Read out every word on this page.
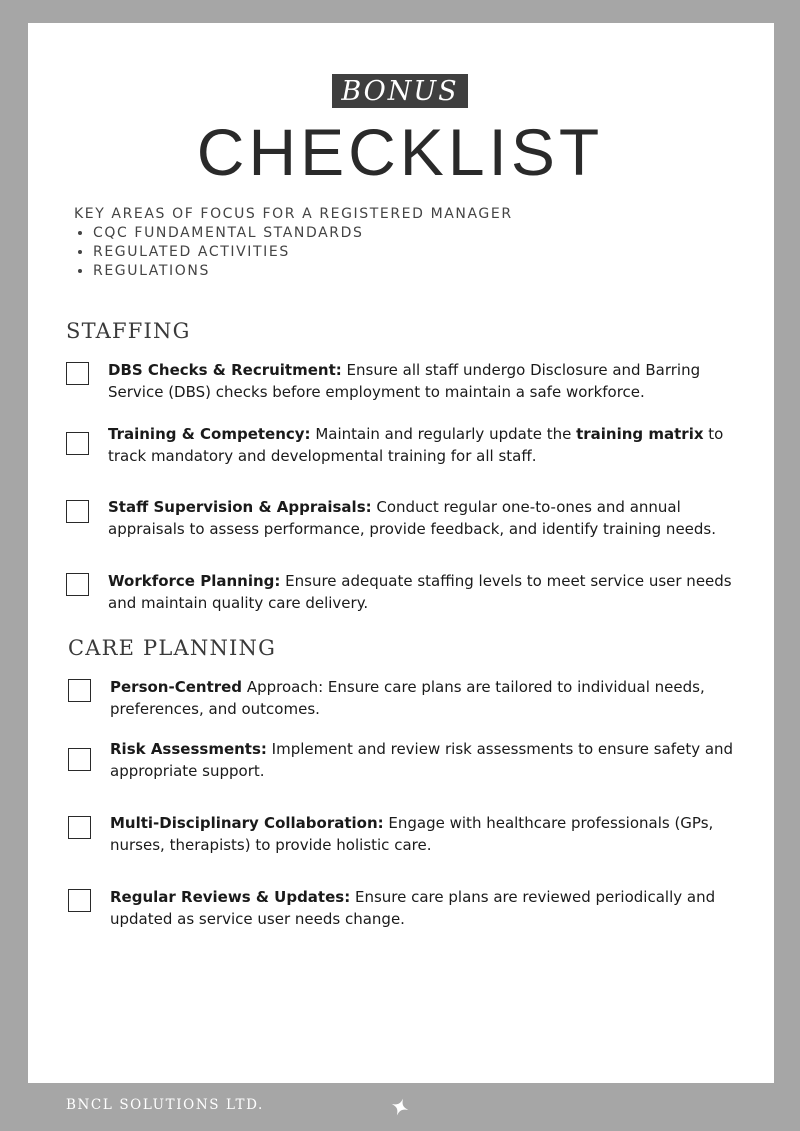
BONUS
CHECKLIST
KEY AREAS OF FOCUS FOR A REGISTERED MANAGER
• CQC FUNDAMENTAL STANDARDS
• REGULATED ACTIVITIES
• REGULATIONS
STAFFING
DBS Checks & Recruitment: Ensure all staff undergo Disclosure and Barring Service (DBS) checks before employment to maintain a safe workforce.
Training & Competency: Maintain and regularly update the training matrix to track mandatory and developmental training for all staff.
Staff Supervision & Appraisals: Conduct regular one-to-ones and annual appraisals to assess performance, provide feedback, and identify training needs.
Workforce Planning: Ensure adequate staffing levels to meet service user needs and maintain quality care delivery.
CARE PLANNING
Person-Centred Approach: Ensure care plans are tailored to individual needs, preferences, and outcomes.
Risk Assessments: Implement and review risk assessments to ensure safety and appropriate support.
Multi-Disciplinary Collaboration: Engage with healthcare professionals (GPs, nurses, therapists) to provide holistic care.
Regular Reviews & Updates: Ensure care plans are reviewed periodically and updated as service user needs change.
BNCL SOLUTIONS LTD.
